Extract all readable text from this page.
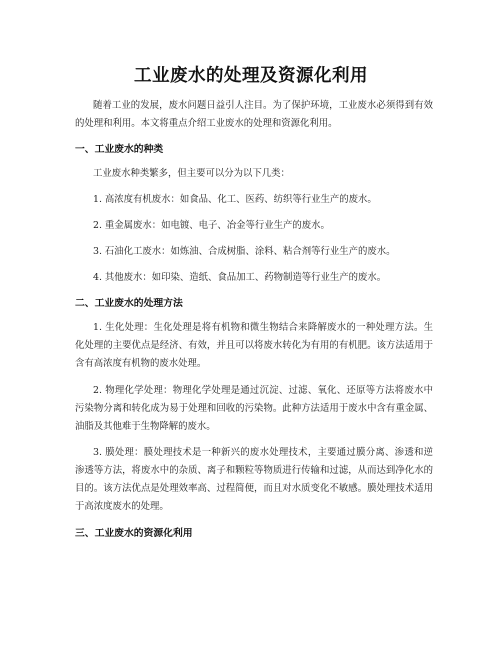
工业废水的处理及资源化利用

随着工业的发展，废水问题日益引人注目。为了保护环境，工业废水必须得到有效的处理和利用。本文将重点介绍工业废水的处理和资源化利用。

一、工业废水的种类
工业废水种类繁多，但主要可以分为以下几类：
1. 高浓度有机废水：如食品、化工、医药、纺织等行业生产的废水。
2. 重金属废水：如电镀、电子、冶金等行业生产的废水。
3. 石油化工废水：如炼油、合成树脂、涂料、粘合剂等行业生产的废水。
4. 其他废水：如印染、造纸、食品加工、药物制造等行业生产的废水。
二、工业废水的处理方法

1. 生化处理：生化处理是将有机物和微生物结合来降解废水的一种处理方法。生化处理的主要优点是经济、有效，并且可以将废水转化为有用的有机肥。该方法适用于含有高浓度有机物的废水处理。

2. 物理化学处理：物理化学处理是通过沉淀、过滤、氧化、还原等方法将废水中污染物分离和转化成为易于处理和回收的污染物。此种方法适用于废水中含有重金属、油脂及其他难于生物降解的废水。

3. 膜处理：膜处理技术是一种新兴的废水处理技术，主要通过膜分离、渗透和逆渗透等方法，将废水中的杂质、离子和颗粒等物质进行传输和过滤，从而达到净化水的目的。该方法优点是处理效率高、过程简便，而且对水质变化不敏感。膜处理技术适用于高浓度废水的处理。

三、工业废水的资源化利用
